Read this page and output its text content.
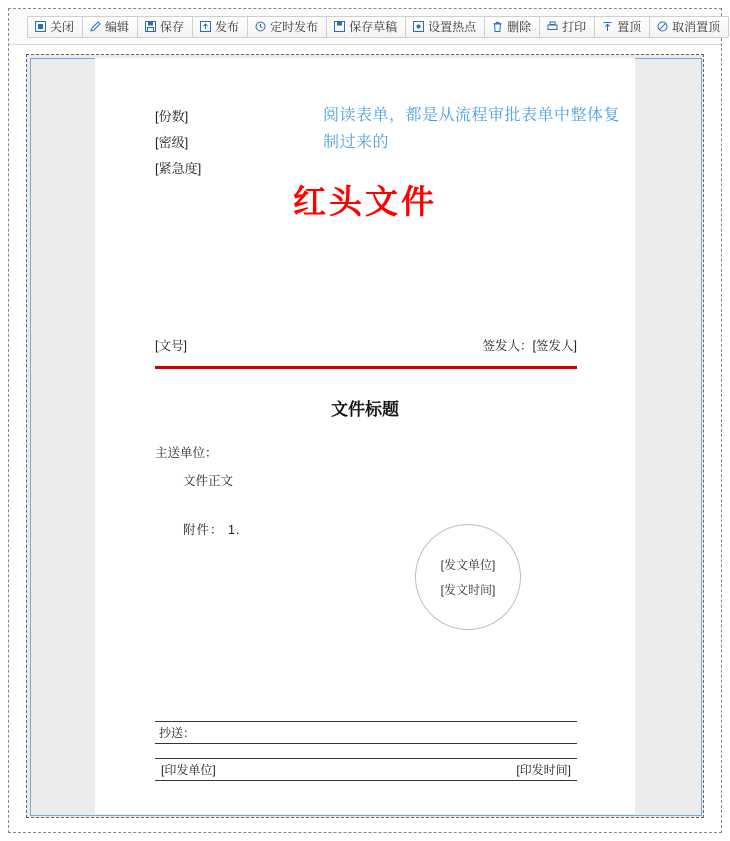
关闭	编辑	保存	发布	定时发布	保存草稿	设置热点	删除	打印	置顶	取消置顶
[份数]
[密级]
[紧急度]
阅读表单，都是从流程审批表单中整体复制过来的
红头文件
[文号]	签发人：[签发人]
文件标题
主送单位：
文件正文
附件： 1.
[发文单位]
[发文时间]
抄送：
[印发单位]	[印发时间]
